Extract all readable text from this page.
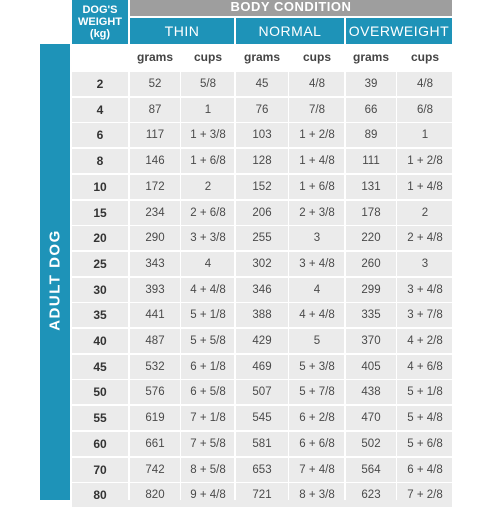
DOG'S
WEIGHT
(kg)
BODY CONDITION
THIN	NORMAL	OVERWEIGHT
ADULT DOG
grams	cups	grams	cups	grams	cups
2	52	5/8	45	4/8	39	4/8
4	87	1	76	7/8	66	6/8
6	117	1 + 3/8	103	1 + 2/8	89	1
8	146	1 + 6/8	128	1 + 4/8	111	1 + 2/8
10	172	2	152	1 + 6/8	131	1 + 4/8
15	234	2 + 6/8	206	2 + 3/8	178	2
20	290	3 + 3/8	255	3	220	2 + 4/8
25	343	4	302	3 + 4/8	260	3
30	393	4 + 4/8	346	4	299	3 + 4/8
35	441	5 + 1/8	388	4 + 4/8	335	3 + 7/8
40	487	5 + 5/8	429	5	370	4 + 2/8
45	532	6 + 1/8	469	5 + 3/8	405	4 + 6/8
50	576	6 + 5/8	507	5 + 7/8	438	5 + 1/8
55	619	7 + 1/8	545	6 + 2/8	470	5 + 4/8
60	661	7 + 5/8	581	6 + 6/8	502	5 + 6/8
70	742	8 + 5/8	653	7 + 4/8	564	6 + 4/8
80	820	9 + 4/8	721	8 + 3/8	623	7 + 2/8
